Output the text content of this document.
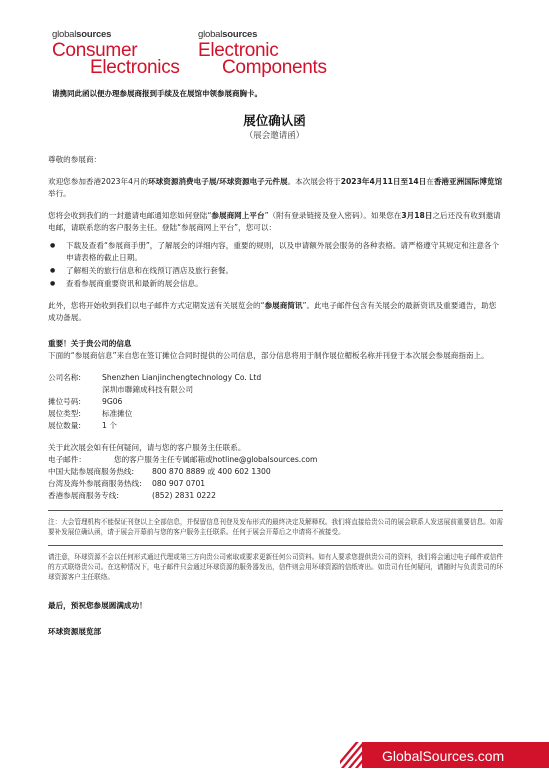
globalsources
Consumer
Electronics
globalsources
Electronic
Components
请携同此函以便办理参展商报到手续及在展馆申领参展商胸卡。
展位确认函
（展会邀请函）

尊敬的参展商：

欢迎您参加香港2023年4月的环球资源消费电子展/环球资源电子元件展。本次展会将于2023年4月11日至14日在香港亚洲国际博览馆举行。

您将会收到我们的一封邀请电邮通知您如何登陆“参展商网上平台”（附有登录链接及登入密码）。如果您在3月18日之后还没有收到邀请电邮，请联系您的客户服务主任。登陆“参展商网上平台”，您可以：

● 下载及查看“参展商手册”，了解展会的详细内容，重要的规则，以及申请额外展会服务的各种表格。请严格遵守其规定和注意各个申请表格的截止日期。
● 了解相关的旅行信息和在线预订酒店及旅行套餐。
● 查看参展商重要资讯和最新的展会信息。

此外，您将开始收到我们以电子邮件方式定期发送有关展览会的“参展商简讯”。此电子邮件包含有关展会的最新资讯及重要通告，助您成功备展。

重要！关于贵公司的信息
下面的“参展商信息”来自您在签订摊位合同时提供的公司信息，部分信息将用于制作展位楣板名称并刊登于本次展会参展商指南上。
公司名称:	Shenzhen Lianjinchengtechnology Co. Ltd
深圳市聯錦成科技有限公司
摊位号码:	9G06
展位类型:	标准摊位
展位数量:	1 个
关于此次展会如有任何疑问，请与您的客户服务主任联系。
电子邮件：	您的客户服务主任专属邮箱或hotline@globalsources.com
中国大陆参展商服务热线:	800 870 8889 或 400 602 1300
台湾及海外参展商服务热线:	080 907 0701
香港参展商服务专线:	(852) 2831 0222
注：大会管理机构不能保证刊登以上全部信息，并保留信息刊登及发布形式的最终决定及解释权。我们将直接给贵公司的展会联系人发送展前重要信息。如需要补发展位确认函，请于展会开幕前与您的客户服务主任联系。任何于展会开幕后之申请将不被接受。
请注意，环球资源不会以任何形式通过代理或第三方向贵公司索取或要求更新任何公司资料。如有人要求您提供贵公司的资料，我们将会通过电子邮件或信件的方式联络贵公司。在这种情况下，电子邮件只会通过环球资源的服务器发出，信件则会用环球资源的信纸寄出。如贵司有任何疑问，请随时与负责贵司的环球资源客户主任联络。

最后，预祝您参展圆满成功！

环球资源展览部

GlobalSources.com
